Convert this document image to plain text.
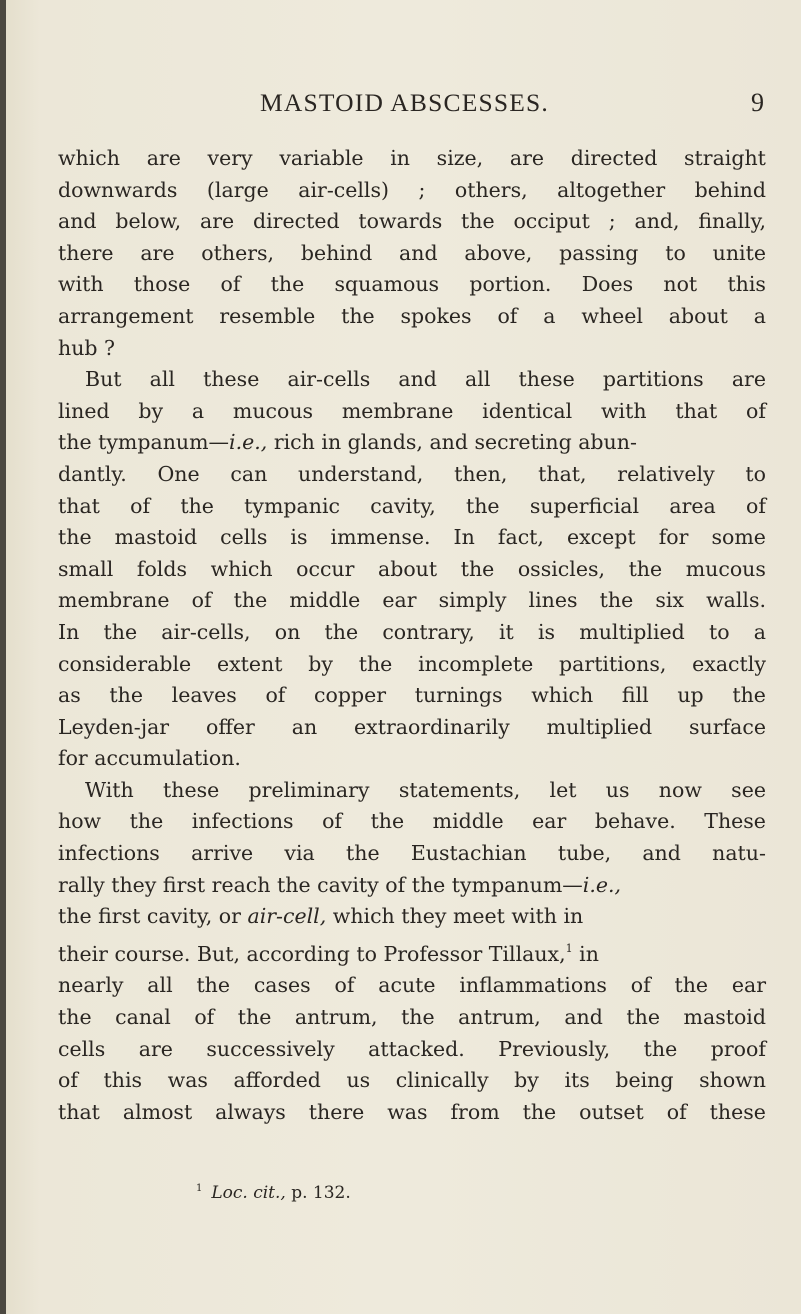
MASTOID ABSCESSES.	9
which are very variable in size, are directed straight
downwards (large air-cells) ; others, altogether behind
and below, are directed towards the occiput ; and, finally,
there are others, behind and above, passing to unite
with those of the squamous portion. Does not this
arrangement resemble the spokes of a wheel about a
hub ?
But all these air-cells and all these partitions are
lined by a mucous membrane identical with that of
the tympanum—i.e., rich in glands, and secreting abun-
dantly. One can understand, then, that, relatively to
that of the tympanic cavity, the superficial area of
the mastoid cells is immense. In fact, except for some
small folds which occur about the ossicles, the mucous
membrane of the middle ear simply lines the six walls.
In the air-cells, on the contrary, it is multiplied to a
considerable extent by the incomplete partitions, exactly
as the leaves of copper turnings which fill up the
Leyden-jar offer an extraordinarily multiplied surface
for accumulation.
With these preliminary statements, let us now see
how the infections of the middle ear behave. These
infections arrive via the Eustachian tube, and natu-
rally they first reach the cavity of the tympanum—i.e.,
the first cavity, or air-cell, which they meet with in
their course. But, according to Professor Tillaux,$^1$ in
nearly all the cases of acute inflammations of the ear
the canal of the antrum, the antrum, and the mastoid
cells are successively attacked. Previously, the proof
of this was afforded us clinically by its being shown
that almost always there was from the outset of these
$^1$ Loc. cit., p. 132.
